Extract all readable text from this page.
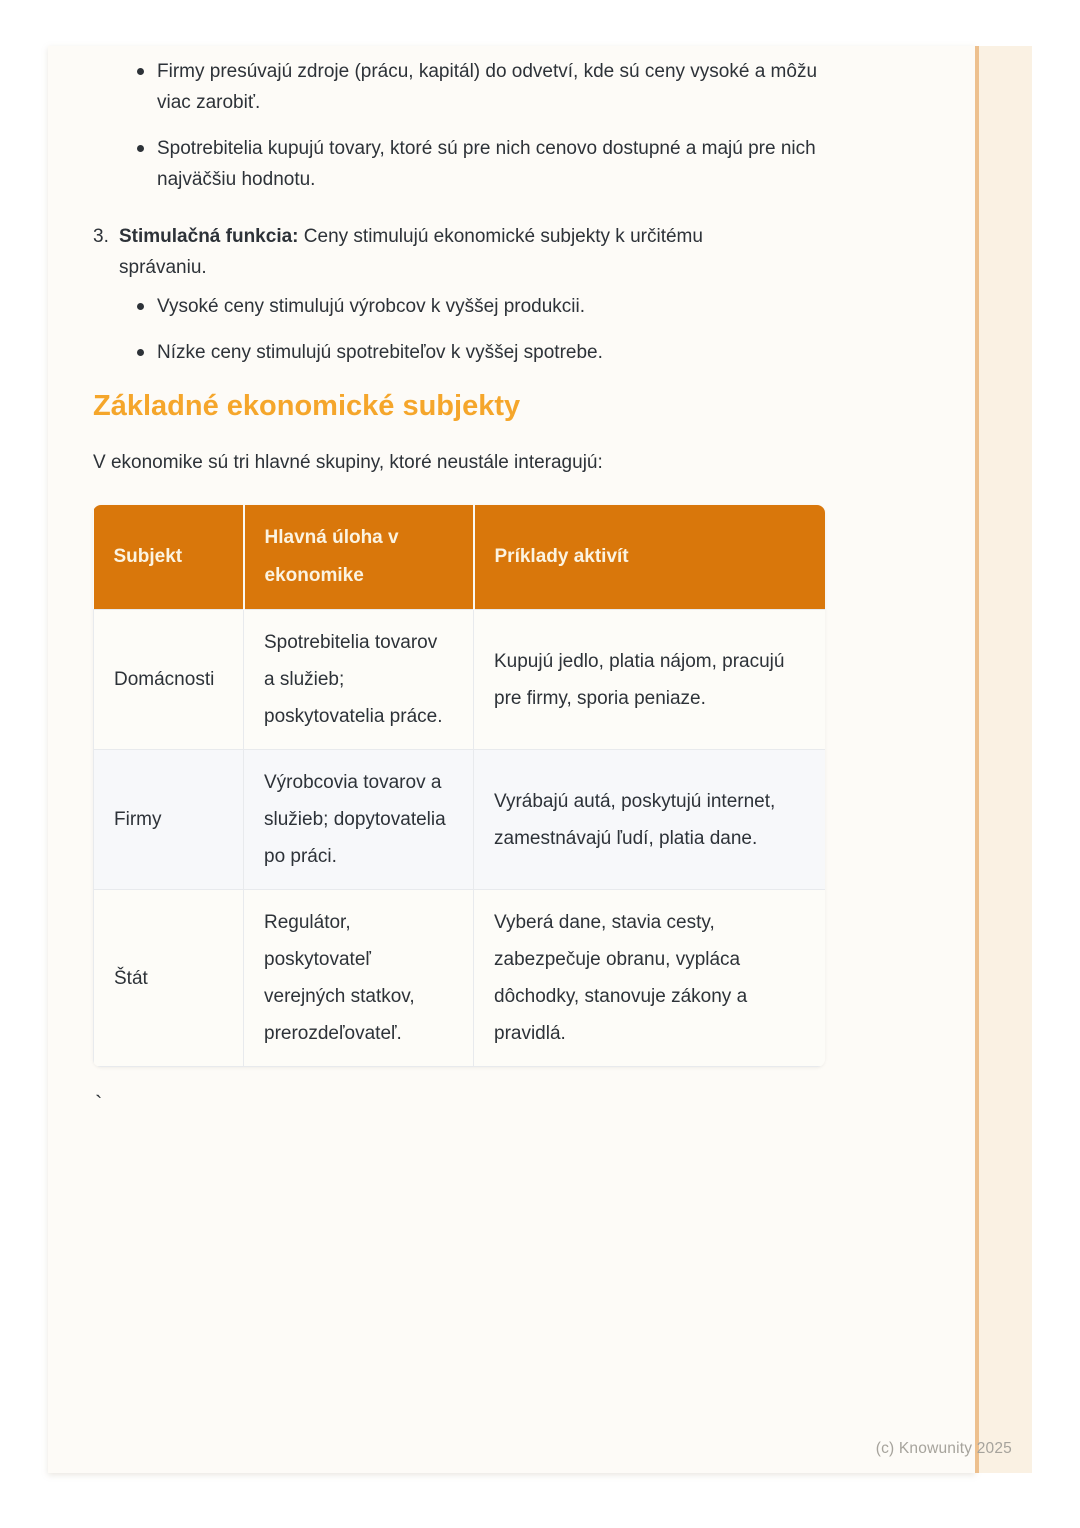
Firmy presúvajú zdroje (prácu, kapitál) do odvetví, kde sú ceny vysoké a môžu viac zarobiť.
Spotrebitelia kupujú tovary, ktoré sú pre nich cenovo dostupné a majú pre nich najväčšiu hodnotu.
3. Stimulačná funkcia: Ceny stimulujú ekonomické subjekty k určitému správaniu.
Vysoké ceny stimulujú výrobcov k vyššej produkcii.
Nízke ceny stimulujú spotrebiteľov k vyššej spotrebe.
Základné ekonomické subjekty

V ekonomike sú tri hlavné skupiny, ktoré neustále interagujú:

Subjekt	Hlavná úloha v ekonomike	Príklady aktivít
Domácnosti	Spotrebitelia tovarov a služieb; poskytovatelia práce.	Kupujú jedlo, platia nájom, pracujú pre firmy, sporia peniaze.
Firmy	Výrobcovia tovarov a služieb; dopytovatelia po práci.	Vyrábajú autá, poskytujú internet, zamestnávajú ľudí, platia dane.
Štát	Regulátor, poskytovateľ verejných statkov, prerozdeľovateľ.	Vyberá dane, stavia cesty, zabezpečuje obranu, vypláca dôchodky, stanovuje zákony a pravidlá.
`
(c) Knowunity 2025
